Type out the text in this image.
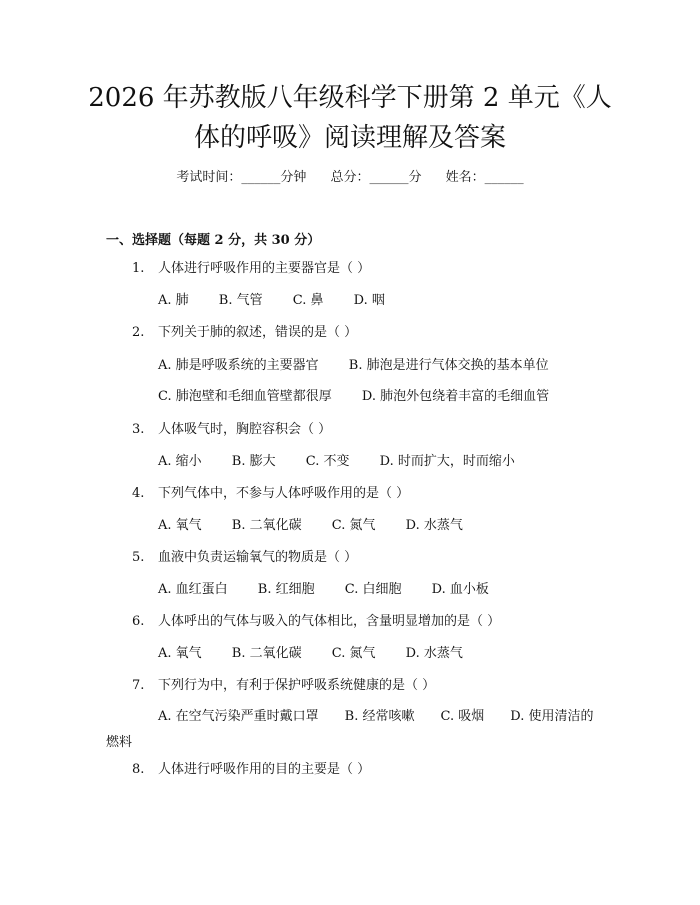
2026 年苏教版八年级科学下册第 2 单元《人
体的呼吸》阅读理解及答案
考试时间：______分钟 总分：______分 姓名：______
一、选择题（每题 2 分，共 30 分）
1. 人体进行呼吸作用的主要器官是（ ）
A. 肺 B. 气管 C. 鼻 D. 咽
2. 下列关于肺的叙述，错误的是（ ）
A. 肺是呼吸系统的主要器官 B. 肺泡是进行气体交换的基本单位
C. 肺泡壁和毛细血管壁都很厚 D. 肺泡外包绕着丰富的毛细血管
3. 人体吸气时，胸腔容积会（ ）
A. 缩小 B. 膨大 C. 不变 D. 时而扩大，时而缩小
4. 下列气体中，不参与人体呼吸作用的是（ ）
A. 氧气 B. 二氧化碳 C. 氮气 D. 水蒸气
5. 血液中负责运输氧气的物质是（ ）
A. 血红蛋白 B. 红细胞 C. 白细胞 D. 血小板
6. 人体呼出的气体与吸入的气体相比，含量明显增加的是（ ）
A. 氧气 B. 二氧化碳 C. 氮气 D. 水蒸气
7. 下列行为中，有利于保护呼吸系统健康的是（ ）
A. 在空气污染严重时戴口罩 B. 经常咳嗽 C. 吸烟 D. 使用清洁的燃料
8. 人体进行呼吸作用的目的主要是（ ）
